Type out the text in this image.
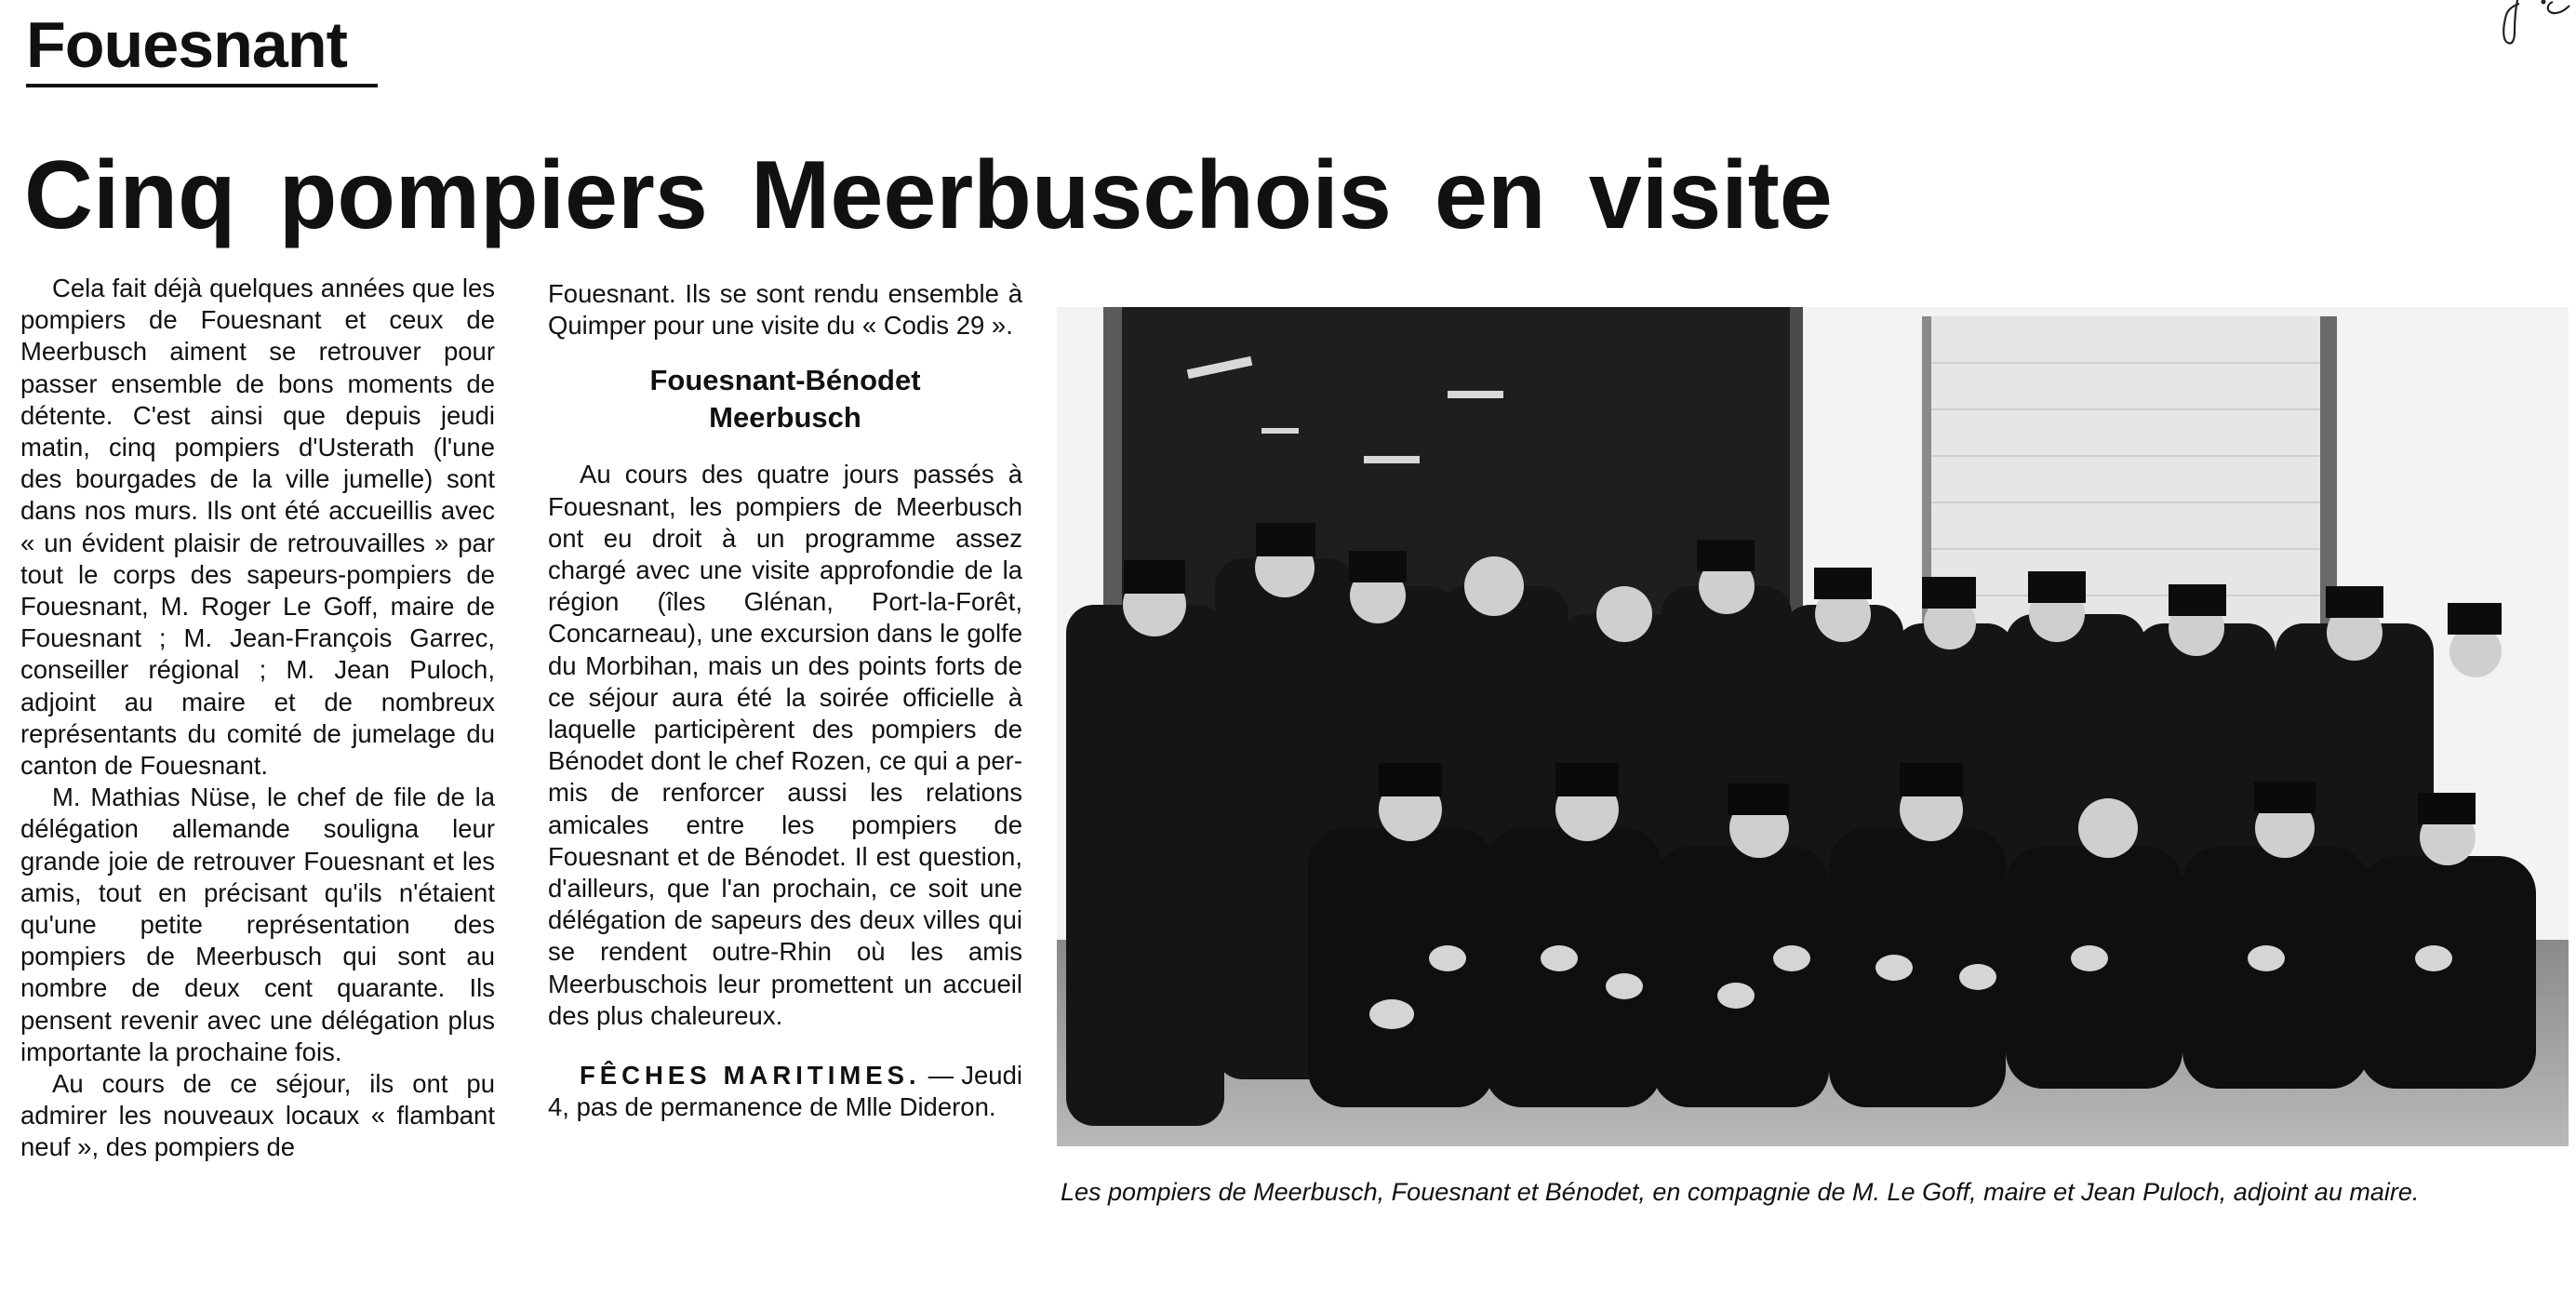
Fouesnant
Cinq pompiers Meerbuschois en visite

Cela fait déjà quelques années que les pompiers de Fouesnant et ceux de Meerbusch aiment se retrouver pour passer ensemble de bons moments de détente. C'est ainsi que depuis jeudi matin, cinq pompiers d'Usterath (l'une des bourgades de la ville jumelle) sont dans nos murs. Ils ont été accueillis avec « un évident plaisir de retrouvailles » par tout le corps des sapeurs-pompiers de Fouesnant, M. Roger Le Goff, maire de Fouesnant ; M. Jean-François Garrec, conseiller régional ; M. Jean Puloch, adjoint au maire et de nombreux représentants du comité de jumelage du canton de Fouesnant.

M. Mathias Nüse, le chef de file de la délégation allemande souligna leur grande joie de retrouver Fouesnant et les amis, tout en précisant qu'ils n'étaient qu'une petite représentation des pompiers de Meerbusch qui sont au nombre de deux cent quarante. Ils pensent revenir avec une délégation plus importante la prochaine fois.

Au cours de ce séjour, ils ont pu admirer les nouveaux locaux « flambant neuf », des pompiers de

Fouesnant. Ils se sont rendu ensemble à Quimper pour une visite du « Codis 29 ».

Fouesnant-Bénodet
Meerbusch

Au cours des quatre jours passés à Fouesnant, les pompiers de Meerbusch ont eu droit à un programme assez chargé avec une visite approfondie de la région (îles Glénan, Port-la-Forêt, Concarneau), une excursion dans le golfe du Morbihan, mais un des points forts de ce séjour aura été la soirée officielle à laquelle participèrent des pompiers de Bénodet dont le chef Rozen, ce qui a permis de renforcer aussi les relations amicales entre les pompiers de Fouesnant et de Bénodet. Il est question, d'ailleurs, que l'an prochain, ce soit une délégation de sapeurs des deux villes qui se rendent outre-Rhin où les amis Meerbuschois leur promettent un accueil des plus chaleureux.

FÊCHES MARITIMES. — Jeudi 4, pas de permanence de Mlle Dideron.

Les pompiers de Meerbusch, Fouesnant et Bénodet, en compagnie de M. Le Goff, maire et Jean Puloch, adjoint au maire.
